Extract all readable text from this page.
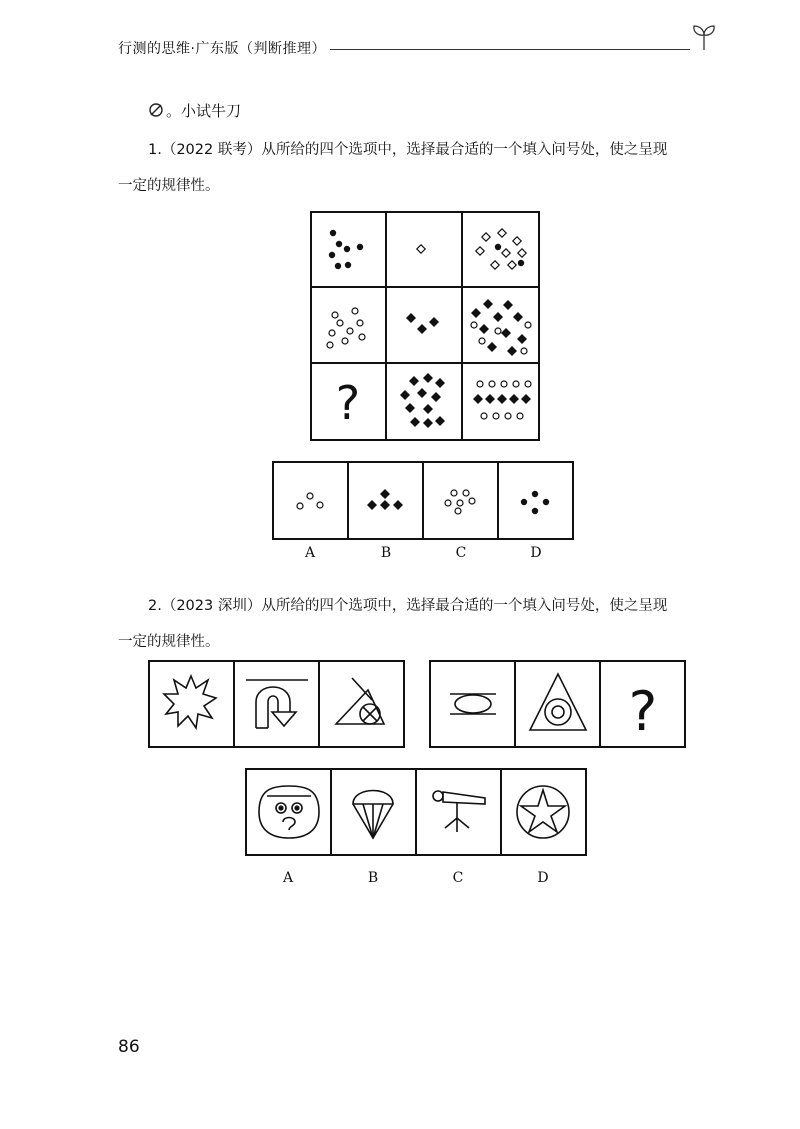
行测的思维·广东版（判断推理）
。小试牛刀
1.（2022 联考）从所给的四个选项中，选择最合适的一个填入问号处，使之呈现
一定的规律性。
?
A	B	C	D
2.（2023 深圳）从所给的四个选项中，选择最合适的一个填入问号处，使之呈现
一定的规律性。
?
A	B	C	D
86
